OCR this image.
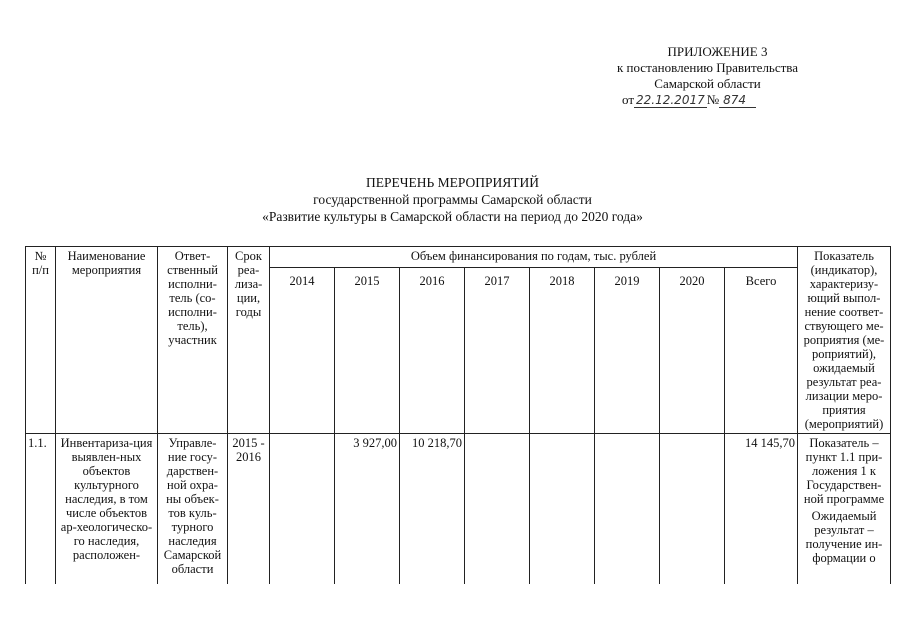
ПРИЛОЖЕНИЕ 3
к постановлению Правительства
Самарской области
от 22.12.2017 № 874
ПЕРЕЧЕНЬ МЕРОПРИЯТИЙ
государственной программы Самарской области
«Развитие культуры в Самарской области на период до 2020 года»
№ п/п	Наименование мероприятия	Ответ-ственный исполни-тель (со-исполни-тель), участник	Срок реа-лиза-ции, годы	Объем финансирования по годам, тыс. рублей								Показатель (индикатор), характеризу-ющий выпол-нение соответ-ствующего ме-роприятия (ме-роприятий), ожидаемый результат реа-лизации меро-приятия (мероприятий)
				2014	2015	2016	2017	2018	2019	2020	Всего	
1.1.	Инвентариза-ция выявлен-ных объектов культурного наследия, в том числе объектов ар-хеологическо-го наследия, расположен-	Управле-ние госу-дарствен-ной охра-ны объек-тов куль-турного наследия Самарской области	2015 - 2016		3 927,00	10 218,70					14 145,70	Показатель – пункт 1.1 при-ложения 1 к Государствен-ной программе
Ожидаемый результат – получение ин-формации о
